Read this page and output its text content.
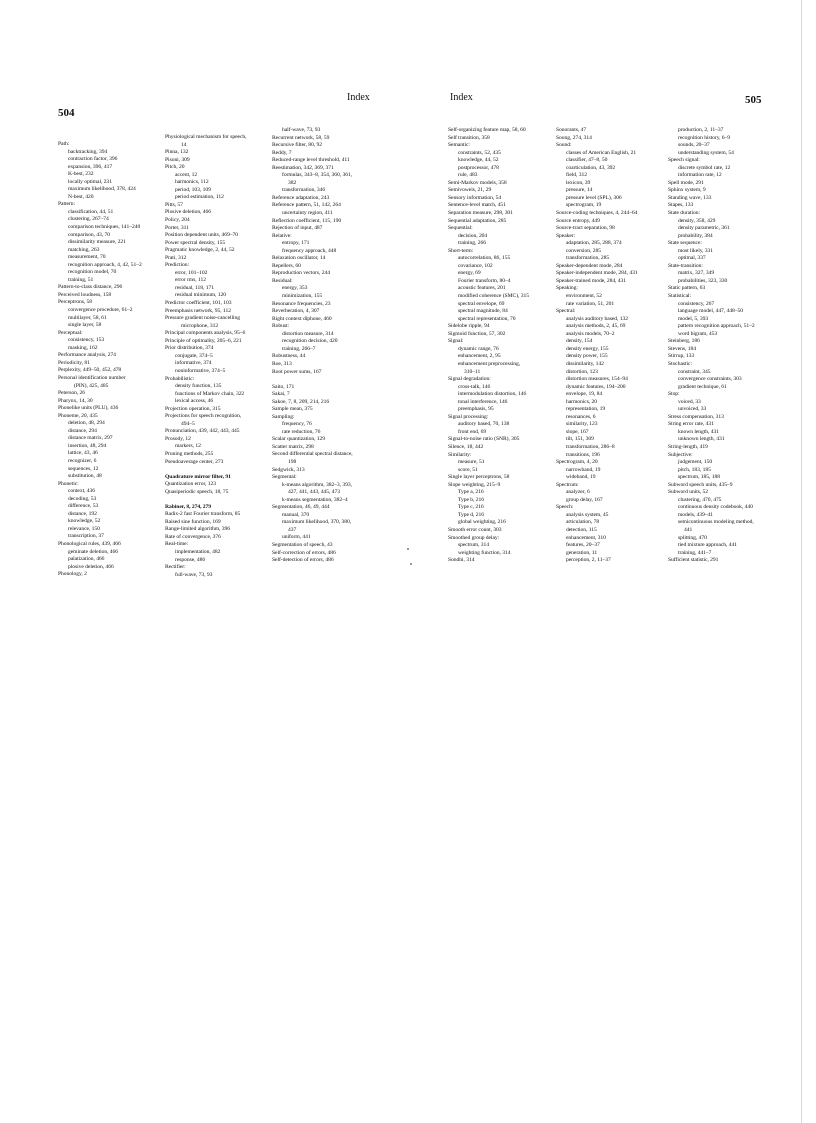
Index
504
Index	505
Path:
backtracking, 394
contraction factor, 396
expansion, 396, 417
K-best, 232
locally optimal, 231
maximum likelihood, 378, 424
N-best, 420
Pattern:
classification, 44, 51
clustering, 267–74
comparison techniques, 141–240
comparison, 43, 70
dissimilarity measure, 221
matching, 263
measurement, 70
recognition approach, 4, 42, 51–2
recognition model, 70
training, 51
Pattern-to-class distance, 296
Perceived loudness, 158
Perceptrons, 58
convergence procedure, 61–2
multilayer, 58, 61
single layer, 58
Perceptual:
consistency, 153
masking, 162
Performance analysis, 274
Periodicity, 81
Perplexity, 449–50, 452, 478
Personal identification number
(PIN), 425, 485
Peterson, 26
Pharynx, 14, 30
Phonelike units (PLU), 436
Phoneme, 20, 435
deletion, 48, 294
distance, 294
distance matrix, 297
insertion, 48, 294
lattice, 43, 46
recognizer, 6
sequences, 12
substitution, 48
Phonetic:
context, 436
decoding, 53
difference, 53
distance, 192
knowledge, 52
relevance, 150
transcription, 37
Phonological rules, 439, 466
geminate deletion, 466
palatization, 466
plosive deletion, 466
Phonology, 2
Physiological mechanism for speech,
14
Pinna, 132
Pisoni, 309
Pitch, 20
accent, 12
harmonics, 112
period, 103, 109
period estimation, 112
Pitts, 57
Plosive deletion, 466
Policy, 204
Porter, 311
Position dependent units, 469–70
Power spectral density, 155
Pragmatic knowledge, 2, 44, 52
Prati, 312
Prediction:
error, 101–102
error rms, 112
residual, 118, 171
residual minimum, 120
Predictor coefficient, 101, 103
Preemphasis network, 95, 112
Pressure gradient noise-cancelling
microphone, 312
Principal components analysis, 95–6
Principle of optimality, 205–6, 221
Prior distribution, 374
conjugate, 374–5
informative, 374
noninformative, 374–5
Probabilistic:
density function, 135
functions of Markov chain, 322
lexical access, 46
Projection operation, 315
Projections for speech recognition,
494–5
Pronunciation, 439, 442, 443, 445
Prosody, 12
markers, 12
Pruning methods, 255
Pseudoaverage center, 273
Quadrature mirror filter, 91
Quantization error, 123
Quasiperiodic speech, 18, 75
Rabiner, 8, 274, 279
Radix-2 fast Fourier transform, 85
Raised sine function, 169
Range-limited algorithm, 396
Rate of convergence, 376
Real-time:
implementation, 482
response, 486
Rectifier:
full-wave, 73, 93
half-wave, 73, 93
Recurrent network, 58, 59
Recursive filter, 80, 92
Reddy, 7
Reduced-range level threshold, 411
Reestimation, 342, 369, 371
formulas, 343–8, 354, 360, 361,
382
transformation, 346
Reference adaptation, 243
Reference pattern, 51, 142, 264
uncertainty region, 411
Reflection coefficient, 115, 190
Rejection of input, 487
Relative:
entropy, 171
frequency approach, 448
Relaxation oscillator, 14
Repellers, 60
Reproduction vectors, 244
Residual:
energy, 353
minimization, 155
Resonance frequencies, 23
Reverberation, 4, 307
Right context diphone, 460
Robust:
distortion measure, 314
recognition decision, 420
training, 266–7
Robustness, 44
Roe, 313
Root power sums, 167
Saito, 171
Sakai, 7
Sakoe, 7, 8, 209, 214, 216
Sample mean, 375
Sampling:
frequency, 76
rate reduction, 76
Scalar quantization, 129
Scatter matrix, 298
Second differential spectral distance,
198
Sedgwick, 313
Segmental:
k-means algorithm, 382–3, 393,
427, 441, 443, 445, 473
k-means segmentation, 382–4
Segmentation, 46, 49, 444
manual, 370
maximum likelihood, 370, 380,
437
uniform, 441
Segmentation of speech, 43
Self-correction of errors, 486
Self-detection of errors, 486
Self-organizing feature map, 58, 60
Self transition, 358
Semantic:
constraints, 52, 435
knowledge, 44, 52
postprocessor, 478
rule, 483
Semi-Markov models, 358
Semivowels, 21, 29
Sensory information, 54
Sentence-level match, 451
Separation measure, 298, 301
Sequential adaptation, 285
Sequential:
decision, 204
training, 266
Short-term:
autocorrelation, 86, 155
covariance, 102
energy, 69
Fourier transform, 80–4
acoustic features, 201
modified coherence (SMC), 315
spectral envelope, 69
spectral magnitude, 84
spectral representation, 70
Sidelobe ripple, 94
Sigmoid function, 57, 302
Signal:
dynamic range, 76
enhancement, 2, 95
enhancement preprocessing,
310–11
Signal degradation:
cross-talk, 146
intermodulation distortion, 146
tonal interference, 146
preemphasis, 95
Signal processing:
auditory based, 70, 138
front end, 69
Signal-to-noise ratio (SNR), 305
Silence, 18, 442
Similarity:
measure, 51
score, 51
Single layer perceptrons, 58
Slope weighting, 215–9
Type a, 216
Type b, 216
Type c, 216
Type d, 216
global weighting, 216
Smooth error count, 303
Smoothed group delay:
spectrum, 314
weighting function, 314
Sondhi, 314
Sonorants, 47
Soong, 274, 314
Sound:
classes of American English, 21
classifier, 47–8, 50
coarticulation, 43, 392
field, 312
lexicon, 39
pressure, 14
pressure level (SPL), 306
spectrogram, 19
Source-coding techniques, 4, 244–64
Source entropy, 449
Source-tract separation, 98
Speaker:
adaptation, 285, 288, 374
conversion, 285
transformation, 285
Speaker-dependent mode, 284
Speaker-independent mode, 284, 431
Speaker-trained mode, 284, 431
Speaking:
environment, 52
rate variation, 51, 201
Spectral:
analysis auditory based, 132
analysis methods, 2, 45, 69
analysis models, 70–2
density, 154
density energy, 155
density power, 155
dissimilarity, 142
distortion, 123
distortion measures, 154–94
dynamic features, 194–200
envelope, 19, 84
harmonics, 20
representation, 19
resonances, 6
similarity, 123
slope, 167
tilt, 151, 309
transformation, 286–8
transitions, 196
Spectrogram, 4, 20
narrowband, 19
wideband, 19
Spectrum:
analyzer, 6
group delay, 167
Speech:
analysis system, 45
articulation, 78
detection, 115
enhancement, 310
features, 20–37
generation, 11
perception, 2, 11–37
production, 2, 11–37
recognition history, 6–9
sounds, 20–37
understanding system, 54
Speech signal:
discrete symbol rate, 12
information rate, 12
Spell mode, 291
Sphinx system, 9
Standing wave, 133
Stapes, 133
State duration:
density, 358, 429
density parametric, 361
probability, 384
State sequence:
most likely, 331
optimal, 337
State-transition:
matrix, 327, 349
probabilities, 323, 330
Static pattern, 63
Statistical:
consistency, 267
language model, 447, 448–50
model, 5, 393
pattern recognition approach, 51–2
word bigram, 453
Steinberg, 186
Stevens, 184
Stirrup, 133
Stochastic:
constraint, 345
convergence constraints, 303
gradient technique, 61
Stop:
voiced, 33
unvoiced, 33
Stress compensation, 313
String error rate, 431
known length, 431
unknown length, 431
String-length, 419
Subjective:
judgement, 150
pitch, 183, 185
spectrum, 185, 188
Subword speech units, 435–9
Subword units, 52
clustering, 470, 475
continuous density codebook, 440
models, 439–41
semicontinuous modeling method,
441
splitting, 470
tied mixture approach, 441
training, 441–7
Sufficient statistic, 291
